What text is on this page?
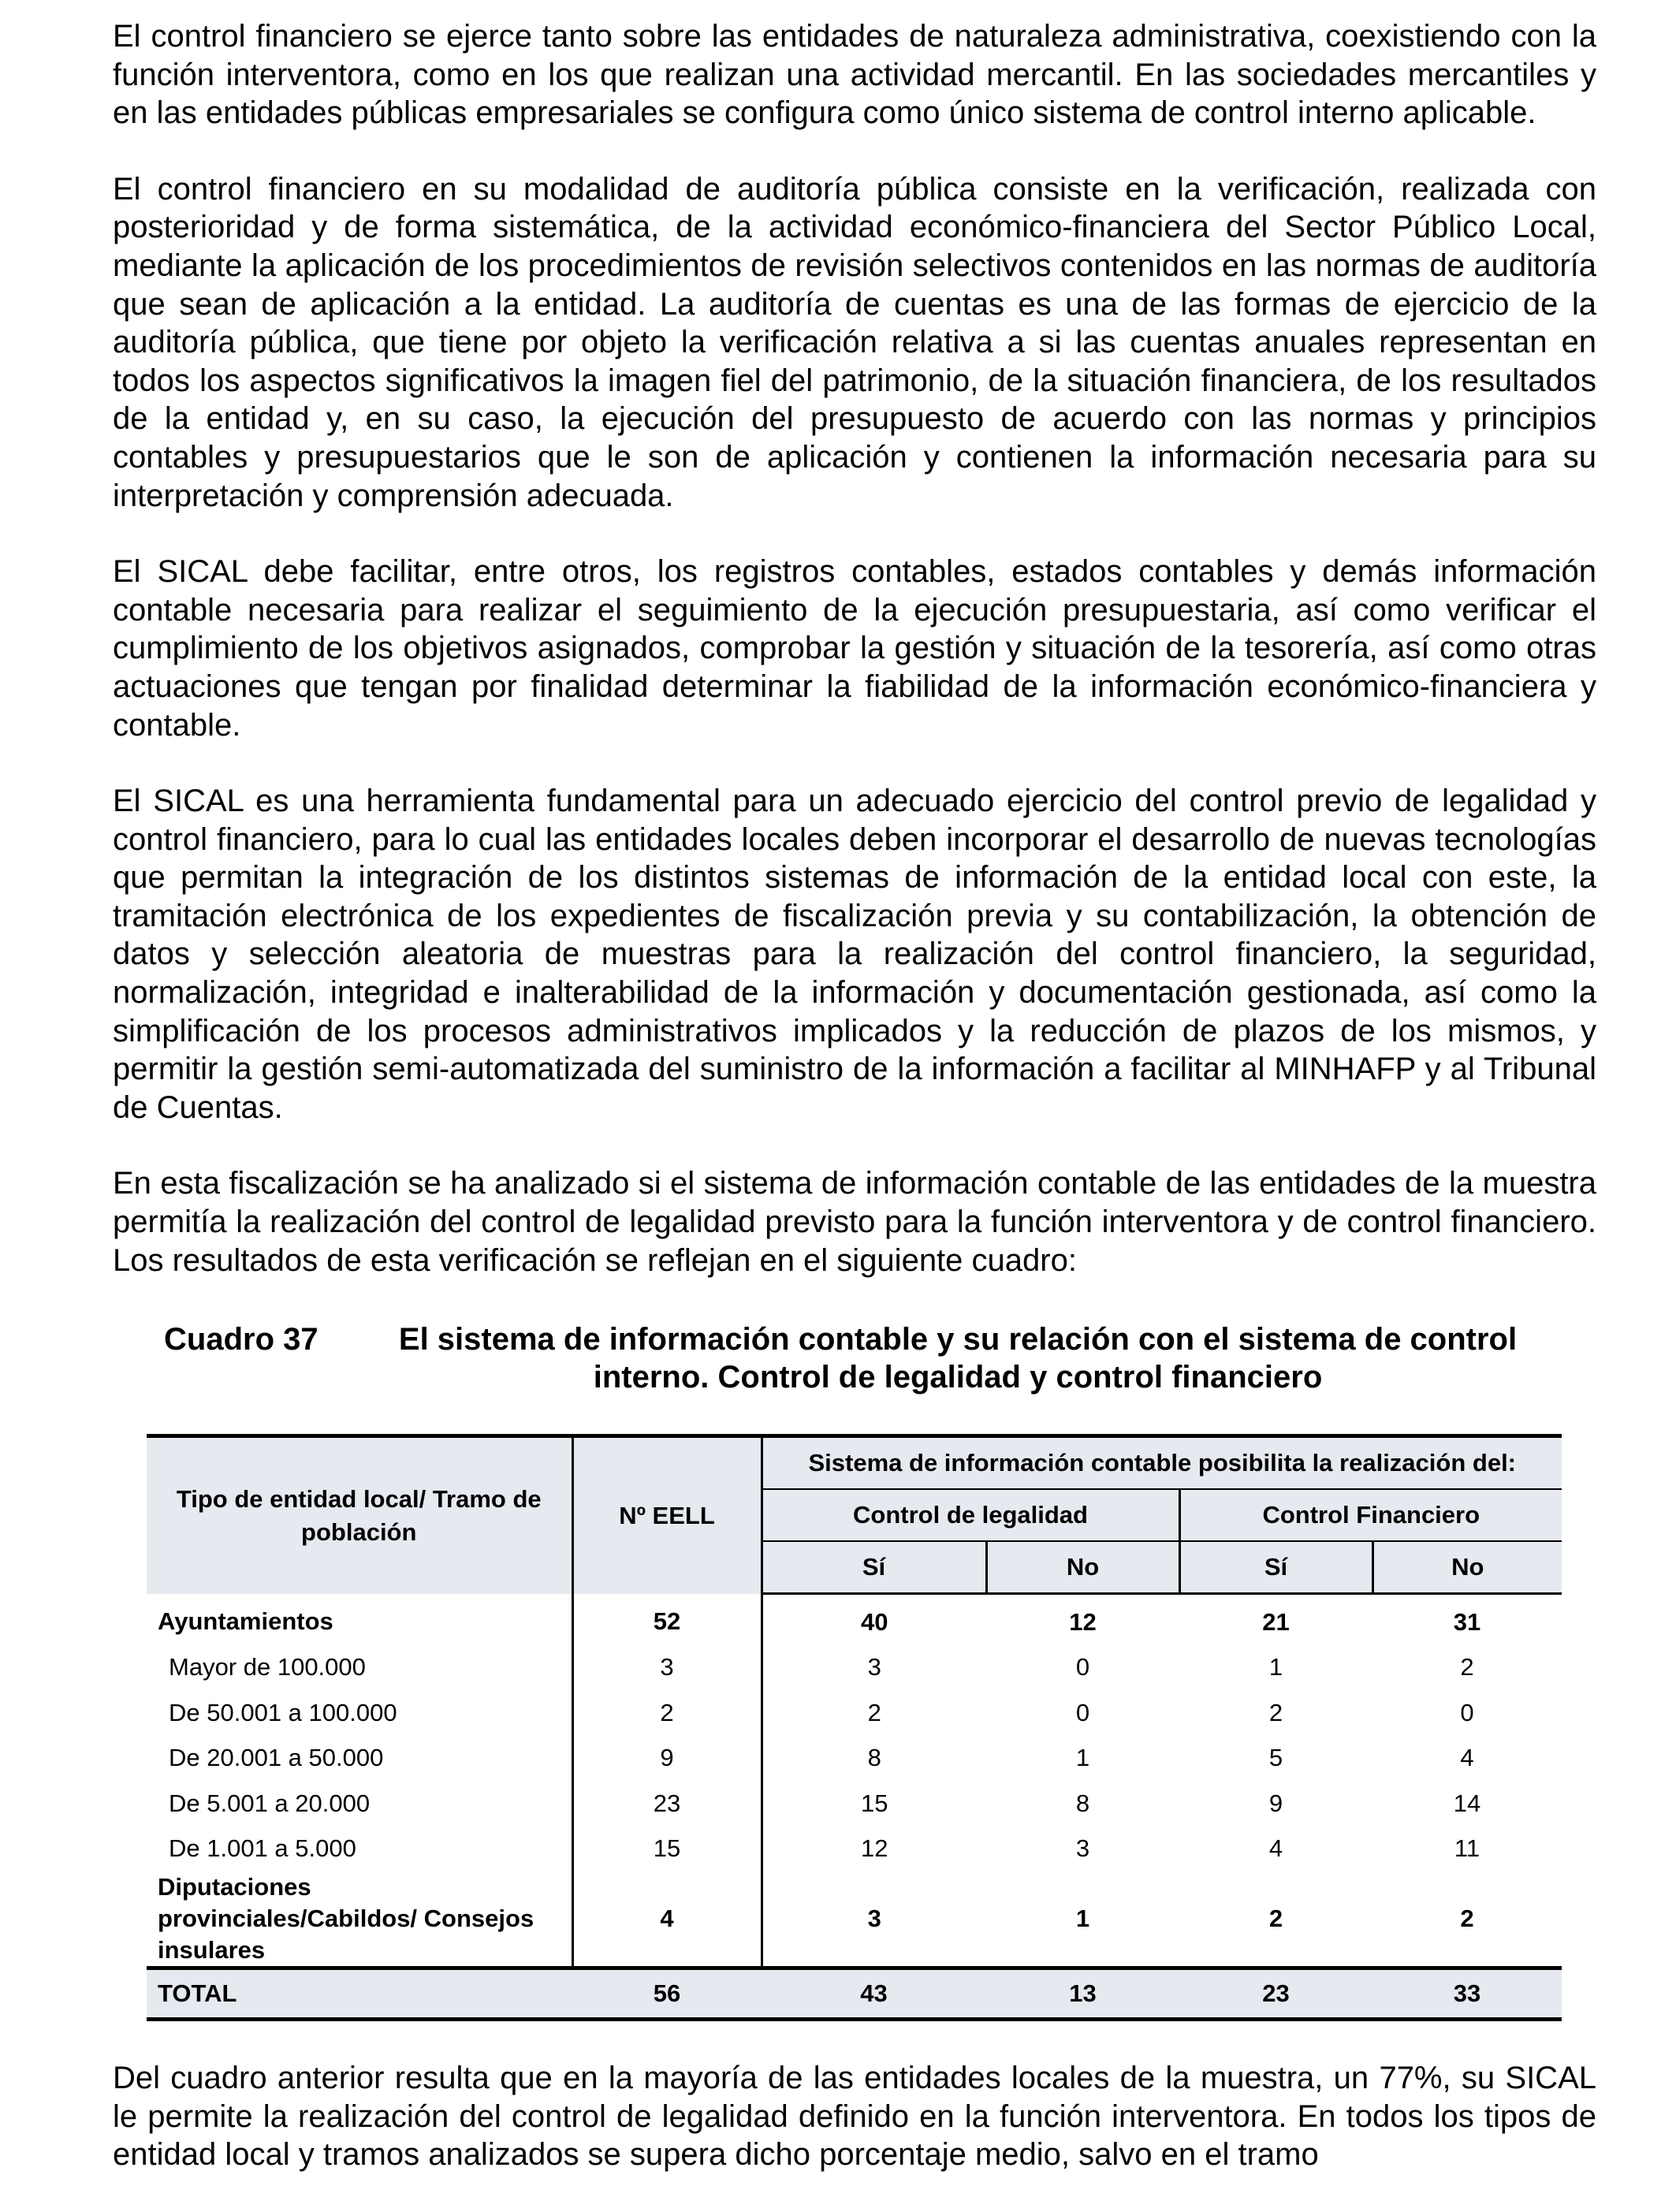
El control financiero se ejerce tanto sobre las entidades de naturaleza administrativa, coexistiendo con la función interventora, como en los que realizan una actividad mercantil. En las sociedades mercantiles y en las entidades públicas empresariales se configura como único sistema de control interno aplicable.

El control financiero en su modalidad de auditoría pública consiste en la verificación, realizada con posterioridad y de forma sistemática, de la actividad económico-financiera del Sector Público Local, mediante la aplicación de los procedimientos de revisión selectivos contenidos en las normas de auditoría que sean de aplicación a la entidad. La auditoría de cuentas es una de las formas de ejercicio de la auditoría pública, que tiene por objeto la verificación relativa a si las cuentas anuales representan en todos los aspectos significativos la imagen fiel del patrimonio, de la situación financiera, de los resultados de la entidad y, en su caso, la ejecución del presupuesto de acuerdo con las normas y principios contables y presupuestarios que le son de aplicación y contienen la información necesaria para su interpretación y comprensión adecuada.

El SICAL debe facilitar, entre otros, los registros contables, estados contables y demás información contable necesaria para realizar el seguimiento de la ejecución presupuestaria, así como verificar el cumplimiento de los objetivos asignados, comprobar la gestión y situación de la tesorería, así como otras actuaciones que tengan por finalidad determinar la fiabilidad de la información económico-financiera y contable.

El SICAL es una herramienta fundamental para un adecuado ejercicio del control previo de legalidad y control financiero, para lo cual las entidades locales deben incorporar el desarrollo de nuevas tecnologías que permitan la integración de los distintos sistemas de información de la entidad local con este, la tramitación electrónica de los expedientes de fiscalización previa y su contabilización, la obtención de datos y selección aleatoria de muestras para la realización del control financiero, la seguridad, normalización, integridad e inalterabilidad de la información y documentación gestionada, así como la simplificación de los procesos administrativos implicados y la reducción de plazos de los mismos, y permitir la gestión semi-automatizada del suministro de la información a facilitar al MINHAFP y al Tribunal de Cuentas.

En esta fiscalización se ha analizado si el sistema de información contable de las entidades de la muestra permitía la realización del control de legalidad previsto para la función interventora y de control financiero. Los resultados de esta verificación se reflejan en el siguiente cuadro:

Cuadro 37	El sistema de información contable y su relación con el sistema de control interno. Control de legalidad y control financiero
Tipo de entidad local/ Tramo de población	Nº EELL	Sistema de información contable posibilita la realización del:			
		Control de legalidad		Control Financiero	
		Sí	No	Sí	No
Ayuntamientos	52	40	12	21	31
Mayor de 100.000	3	3	0	1	2
De 50.001 a 100.000	2	2	0	2	0
De 20.001 a 50.000	9	8	1	5	4
De 5.001 a 20.000	23	15	8	9	14
De 1.001 a 5.000	15	12	3	4	11
Diputaciones provinciales/Cabildos/ Consejos insulares	4	3	1	2	2
TOTAL	56	43	13	23	33

Del cuadro anterior resulta que en la mayoría de las entidades locales de la muestra, un 77%, su SICAL le permite la realización del control de legalidad definido en la función interventora. En todos los tipos de entidad local y tramos analizados se supera dicho porcentaje medio, salvo en el tramo
